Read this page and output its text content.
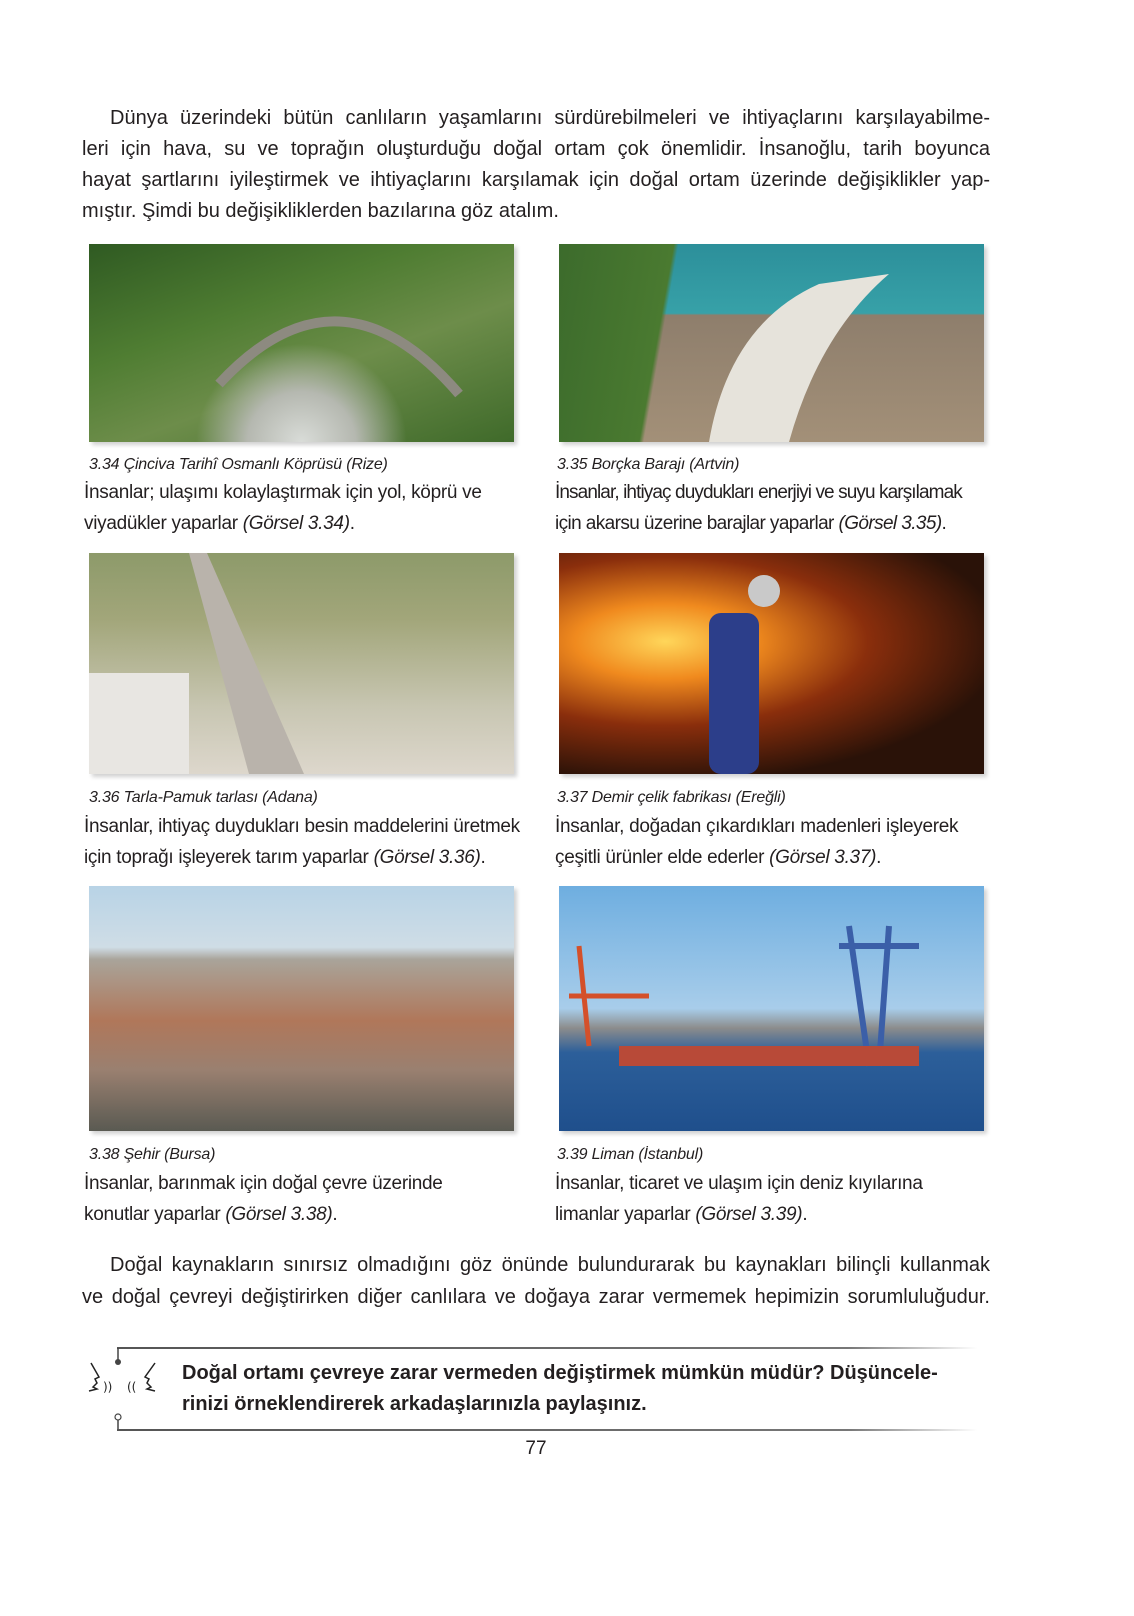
Dünya üzerindeki bütün canlıların yaşamlarını sürdürebilmeleri ve ihtiyaçlarını karşılayabilme-
leri için hava, su ve toprağın oluşturduğu doğal ortam çok önemlidir. İnsanoğlu, tarih boyunca
hayat şartlarını iyileştirmek ve ihtiyaçlarını karşılamak için doğal ortam üzerinde değişiklikler yap-
mıştır. Şimdi bu değişikliklerden bazılarına göz atalım.
3.34 Çinciva Tarihî Osmanlı Köprüsü (Rize)
İnsanlar; ulaşımı kolaylaştırmak için yol, köprü ve
viyadükler yaparlar (Görsel 3.34).
3.35 Borçka Barajı (Artvin)
İnsanlar, ihtiyaç duydukları enerjiyi ve suyu karşılamak
için akarsu üzerine barajlar yaparlar (Görsel 3.35).
3.36 Tarla-Pamuk tarlası (Adana)
İnsanlar, ihtiyaç duydukları besin maddelerini üretmek
için toprağı işleyerek tarım yaparlar (Görsel 3.36).
3.37 Demir çelik fabrikası (Ereğli)
İnsanlar, doğadan çıkardıkları madenleri işleyerek
çeşitli ürünler elde ederler (Görsel 3.37).
3.38 Şehir (Bursa)
İnsanlar, barınmak için doğal çevre üzerinde
konutlar yaparlar (Görsel 3.38).
3.39 Liman (İstanbul)
İnsanlar, ticaret ve ulaşım için deniz kıyılarına
limanlar yaparlar (Görsel 3.39).
Doğal kaynakların sınırsız olmadığını göz önünde bulundurarak bu kaynakları bilinçli kullanmak
ve doğal çevreyi değiştirirken diğer canlılara ve doğaya zarar vermemek hepimizin sorumluluğudur.
)) ((
Doğal ortamı çevreye zarar vermeden değiştirmek mümkün müdür? Düşüncele-
rinizi örneklendirerek arkadaşlarınızla paylaşınız.
77
